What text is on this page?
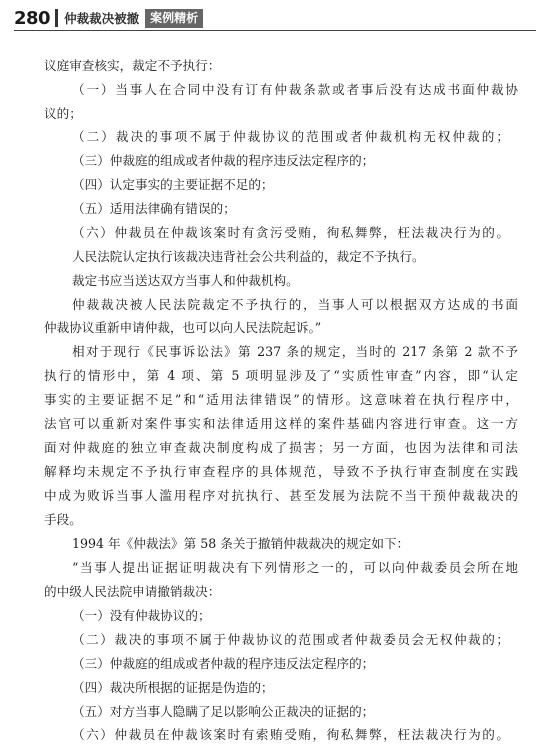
280	仲裁裁决被撤 案例精析
议庭审查核实，裁定不予执行：
（一）当事人在合同中没有订有仲裁条款或者事后没有达成书面仲裁协
议的；
（二）裁决的事项不属于仲裁协议的范围或者仲裁机构无权仲裁的；
（三）仲裁庭的组成或者仲裁的程序违反法定程序的；
（四）认定事实的主要证据不足的；
（五）适用法律确有错误的；
（六）仲裁员在仲裁该案时有贪污受贿，徇私舞弊，枉法裁决行为的。
人民法院认定执行该裁决违背社会公共利益的，裁定不予执行。
裁定书应当送达双方当事人和仲裁机构。
仲裁裁决被人民法院裁定不予执行的，当事人可以根据双方达成的书面
仲裁协议重新申请仲裁，也可以向人民法院起诉。”
相对于现行《民事诉讼法》第 237 条的规定，当时的 217 条第 2 款不予
执行的情形中，第 4 项、第 5 项明显涉及了“实质性审查”内容，即“认定
事实的主要证据不足”和“适用法律错误”的情形。这意味着在执行程序中，
法官可以重新对案件事实和法律适用这样的案件基础内容进行审查。这一方
面对仲裁庭的独立审查裁决制度构成了损害；另一方面，也因为法律和司法
解释均未规定不予执行审查程序的具体规范，导致不予执行审查制度在实践
中成为败诉当事人滥用程序对抗执行、甚至发展为法院不当干预仲裁裁决的
手段。
1994 年《仲裁法》第 58 条关于撤销仲裁裁决的规定如下：
“当事人提出证据证明裁决有下列情形之一的，可以向仲裁委员会所在地
的中级人民法院申请撤销裁决：
（一）没有仲裁协议的；
（二）裁决的事项不属于仲裁协议的范围或者仲裁委员会无权仲裁的；
（三）仲裁庭的组成或者仲裁的程序违反法定程序的；
（四）裁决所根据的证据是伪造的；
（五）对方当事人隐瞒了足以影响公正裁决的证据的；
（六）仲裁员在仲裁该案时有索贿受贿，徇私舞弊，枉法裁决行为的。
